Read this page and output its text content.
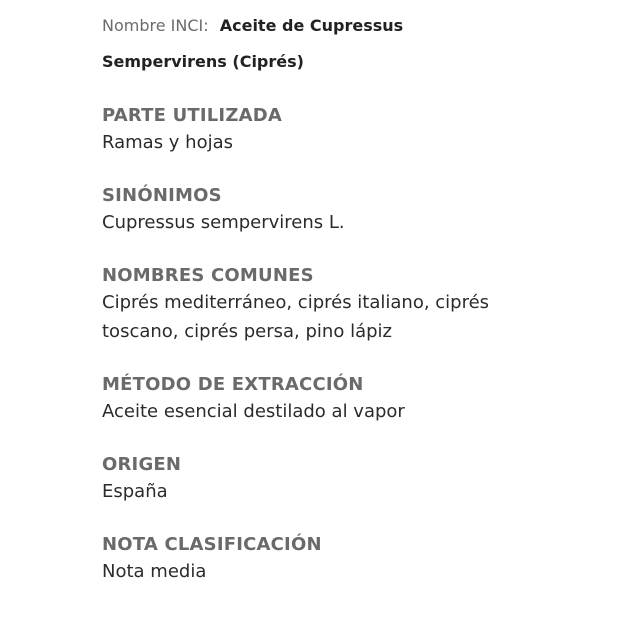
Nombre INCI: Aceite de Cupressus Sempervirens (Ciprés)

PARTE UTILIZADA

Ramas y hojas

SINÓNIMOS

Cupressus sempervirens L.

NOMBRES COMUNES

Ciprés mediterráneo, ciprés italiano, ciprés toscano, ciprés persa, pino lápiz

MÉTODO DE EXTRACCIÓN

Aceite esencial destilado al vapor

ORIGEN

España

NOTA CLASIFICACIÓN

Nota media
